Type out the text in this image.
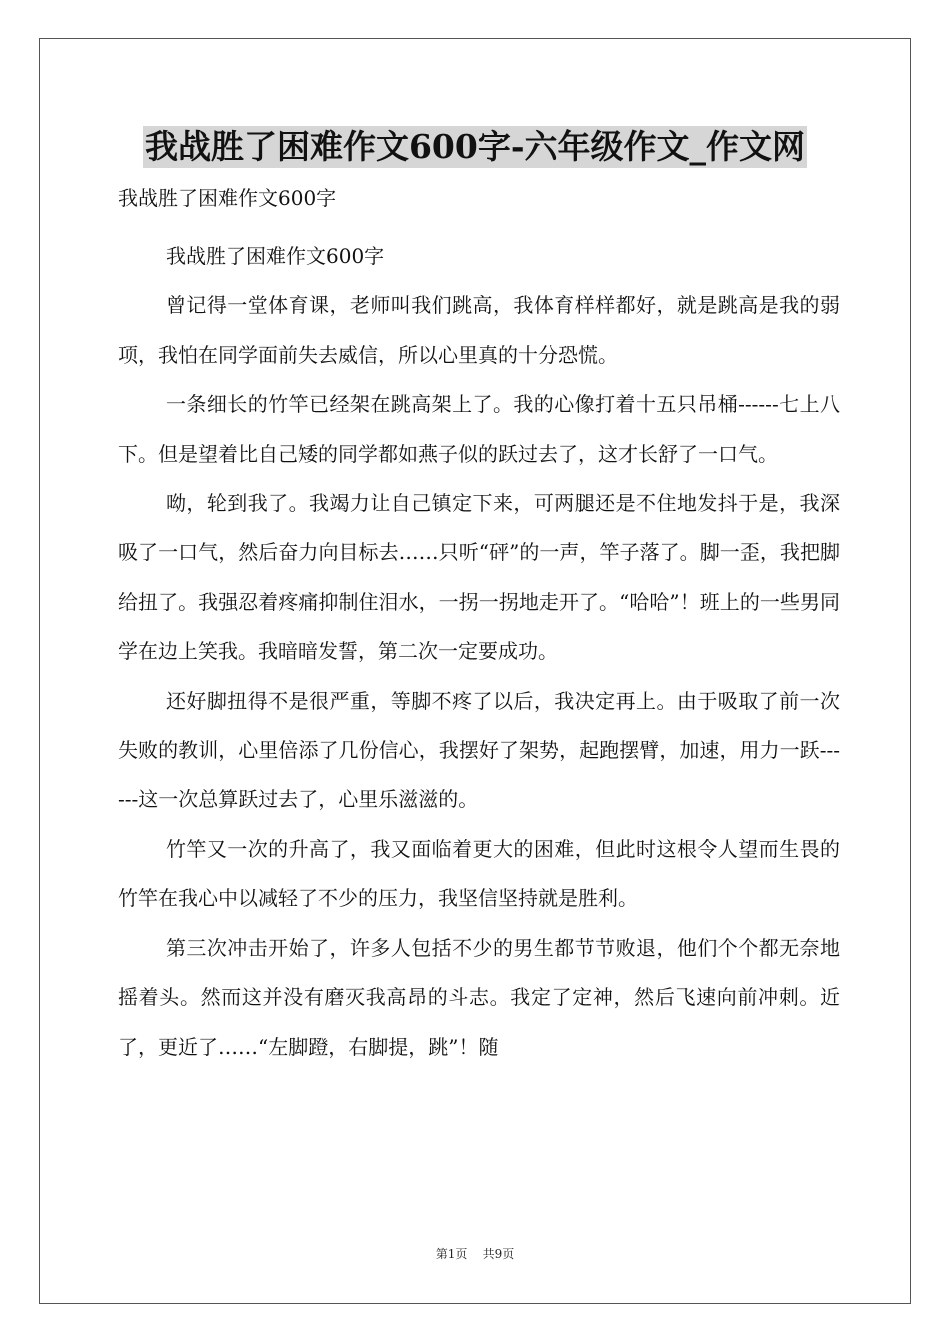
我战胜了困难作文600字-六年级作文_作文网
我战胜了困难作文600字

我战胜了困难作文600字

曾记得一堂体育课，老师叫我们跳高，我体育样样都好，就是跳高是我的弱项，我怕在同学面前失去威信，所以心里真的十分恐慌。

一条细长的竹竿已经架在跳高架上了。我的心像打着十五只吊桶------七上八下。但是望着比自己矮的同学都如燕子似的跃过去了，这才长舒了一口气。

呦，轮到我了。我竭力让自己镇定下来，可两腿还是不住地发抖于是，我深吸了一口气，然后奋力向目标去……只听“砰”的一声，竿子落了。脚一歪，我把脚给扭了。我强忍着疼痛抑制住泪水，一拐一拐地走开了。“哈哈”！班上的一些男同学在边上笑我。我暗暗发誓，第二次一定要成功。

还好脚扭得不是很严重，等脚不疼了以后，我决定再上。由于吸取了前一次失败的教训，心里倍添了几份信心，我摆好了架势，起跑摆臂，加速，用力一跃------这一次总算跃过去了，心里乐滋滋的。

竹竿又一次的升高了，我又面临着更大的困难，但此时这根令人望而生畏的竹竿在我心中以减轻了不少的压力，我坚信坚持就是胜利。

第三次冲击开始了，许多人包括不少的男生都节节败退，他们个个都无奈地摇着头。然而这并没有磨灭我高昂的斗志。我定了定神，然后飞速向前冲刺。近了，更近了……“左脚蹬，右脚提，跳”！随

第1页 共9页
